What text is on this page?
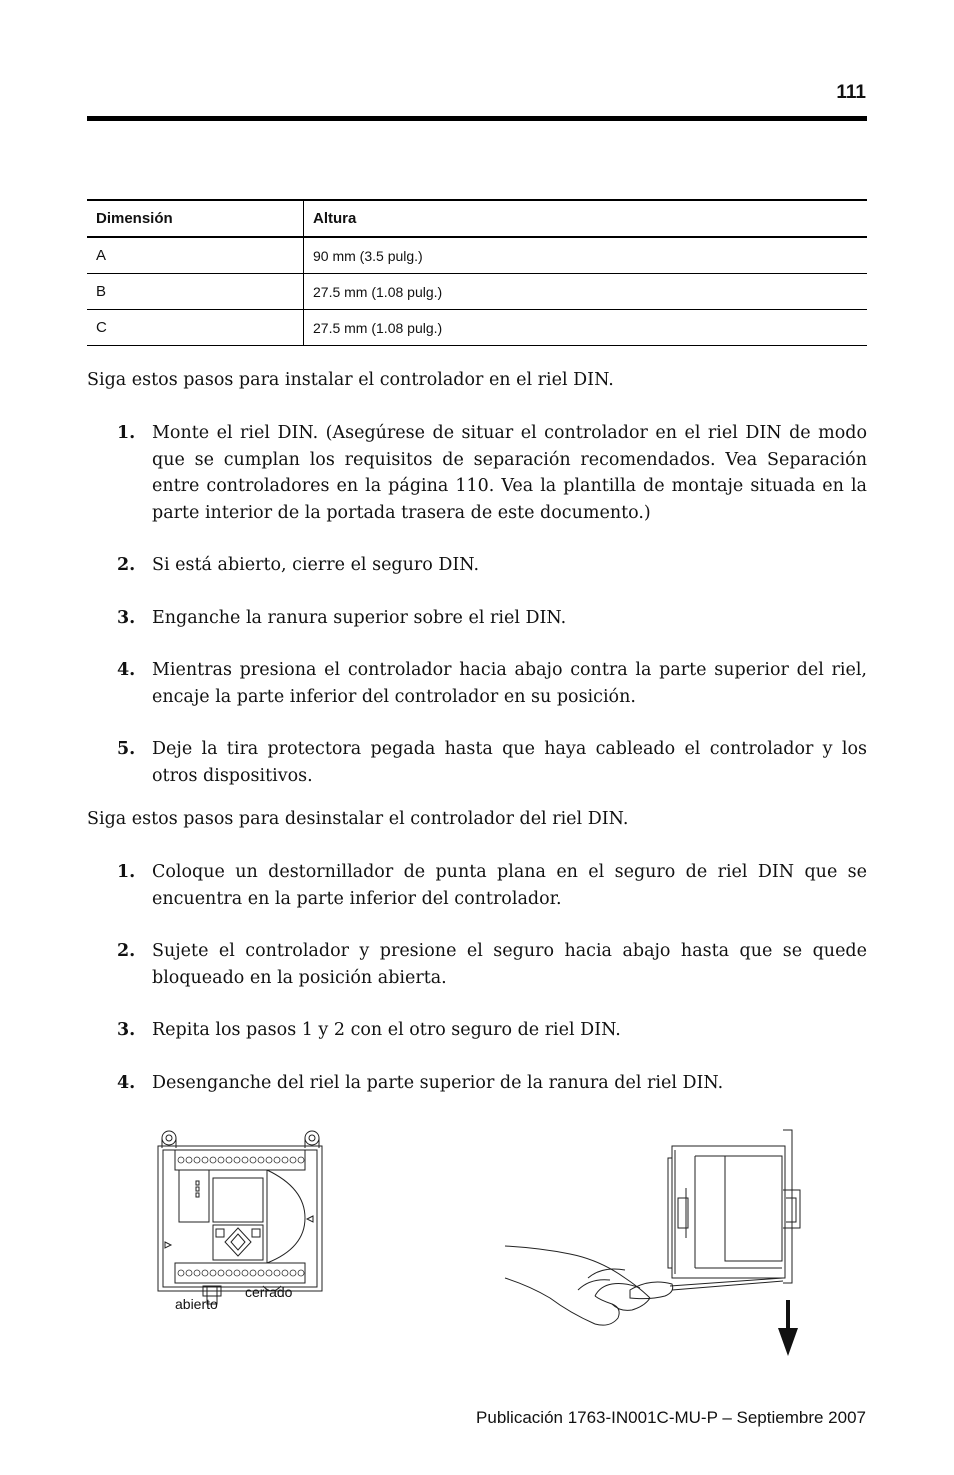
111
Dimensión	Altura
A	90 mm (3.5 pulg.)
B	27.5 mm (1.08 pulg.)
C	27.5 mm (1.08 pulg.)

Siga estos pasos para instalar el controlador en el riel DIN.

1. Monte el riel DIN. (Asegúrese de situar el controlador en el riel DIN de modo que se cumplan los requisitos de separación recomendados. Vea Separación entre controladores en la página 110. Vea la plantilla de montaje situada en la parte interior de la portada trasera de este documento.)
2. Si está abierto, cierre el seguro DIN.
3. Enganche la ranura superior sobre el riel DIN.
4. Mientras presiona el controlador hacia abajo contra la parte superior del riel, encaje la parte inferior del controlador en su posición.
5. Deje la tira protectora pegada hasta que haya cableado el controlador y los otros dispositivos.

Siga estos pasos para desinstalar el controlador del riel DIN.

1. Coloque un destornillador de punta plana en el seguro de riel DIN que se encuentra en la parte inferior del controlador.
2. Sujete el controlador y presione el seguro hacia abajo hasta que se quede bloqueado en la posición abierta.
3. Repita los pasos 1 y 2 con el otro seguro de riel DIN.
4. Desenganche del riel la parte superior de la ranura del riel DIN.
abierto
cerrado
Publicación 1763-IN001C-MU-P – Septiembre 2007
